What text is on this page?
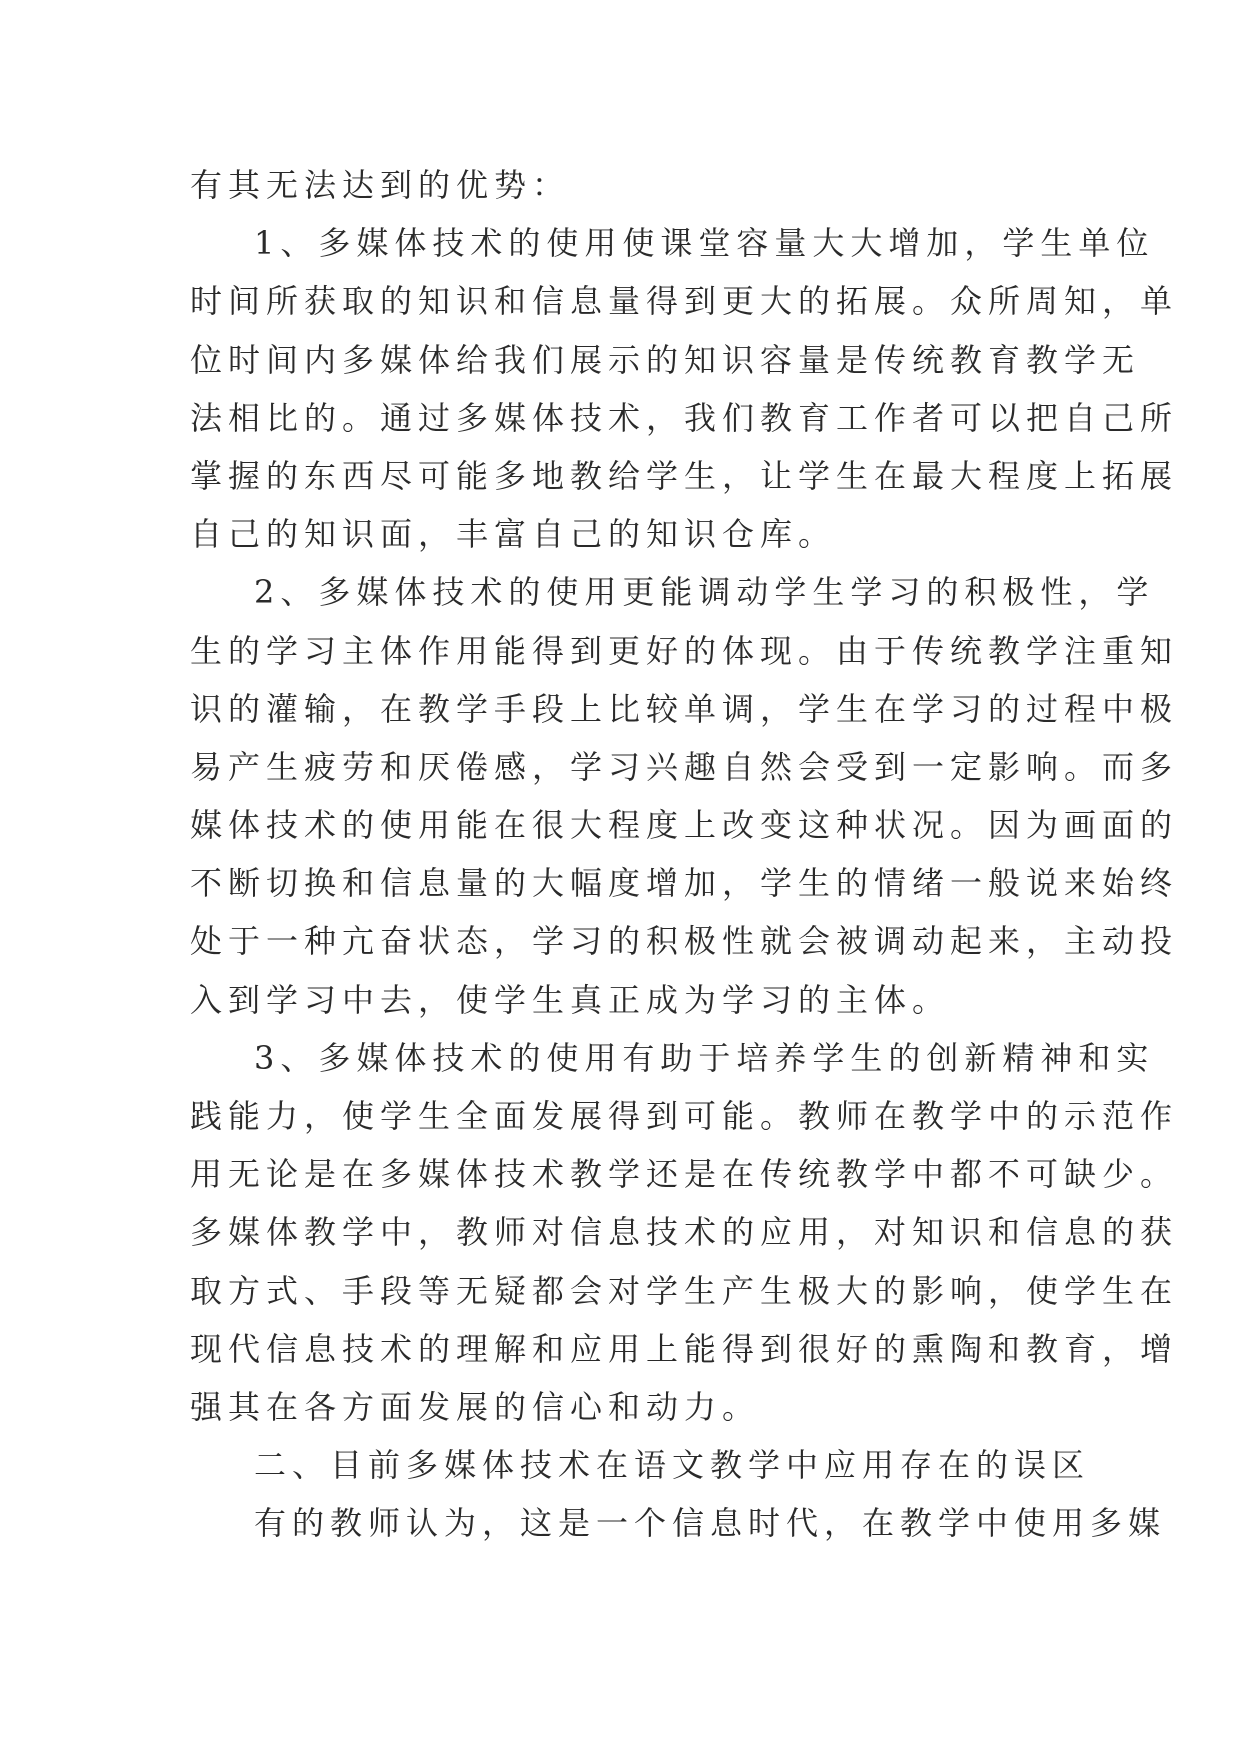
有其无法达到的优势：
1、多媒体技术的使用使课堂容量大大增加，学生单位
时间所获取的知识和信息量得到更大的拓展。众所周知，单
位时间内多媒体给我们展示的知识容量是传统教育教学无
法相比的。通过多媒体技术，我们教育工作者可以把自己所
掌握的东西尽可能多地教给学生，让学生在最大程度上拓展
自己的知识面，丰富自己的知识仓库。
2、多媒体技术的使用更能调动学生学习的积极性，学
生的学习主体作用能得到更好的体现。由于传统教学注重知
识的灌输，在教学手段上比较单调，学生在学习的过程中极
易产生疲劳和厌倦感，学习兴趣自然会受到一定影响。而多
媒体技术的使用能在很大程度上改变这种状况。因为画面的
不断切换和信息量的大幅度增加，学生的情绪一般说来始终
处于一种亢奋状态，学习的积极性就会被调动起来，主动投
入到学习中去，使学生真正成为学习的主体。
3、多媒体技术的使用有助于培养学生的创新精神和实
践能力，使学生全面发展得到可能。教师在教学中的示范作
用无论是在多媒体技术教学还是在传统教学中都不可缺少。
多媒体教学中，教师对信息技术的应用，对知识和信息的获
取方式、手段等无疑都会对学生产生极大的影响，使学生在
现代信息技术的理解和应用上能得到很好的熏陶和教育，增
强其在各方面发展的信心和动力。
二、目前多媒体技术在语文教学中应用存在的误区
有的教师认为，这是一个信息时代，在教学中使用多媒
